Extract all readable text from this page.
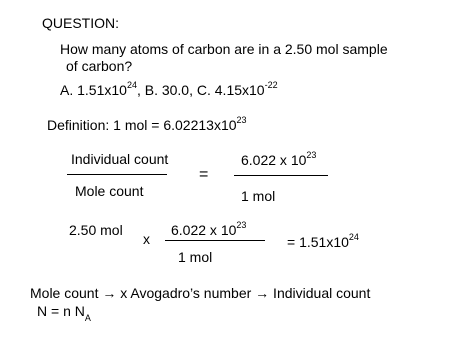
QUESTION:
How many atoms of carbon are in a 2.50 mol sample
of carbon?
A. $1.51x10^{24}$, B. 30.0, C. $4.15x10^{-22}$
Definition: 1 mol = $6.02213x10^{23}$
Individual count
Mole count
=
6.022 x $10^{23}$
1 mol
2.50 mol
x
6.022 x $10^{23}$
1 mol
= $1.51x10^{24}$
Mole count → x Avogadro’s number → Individual count
N = n $N_A$
